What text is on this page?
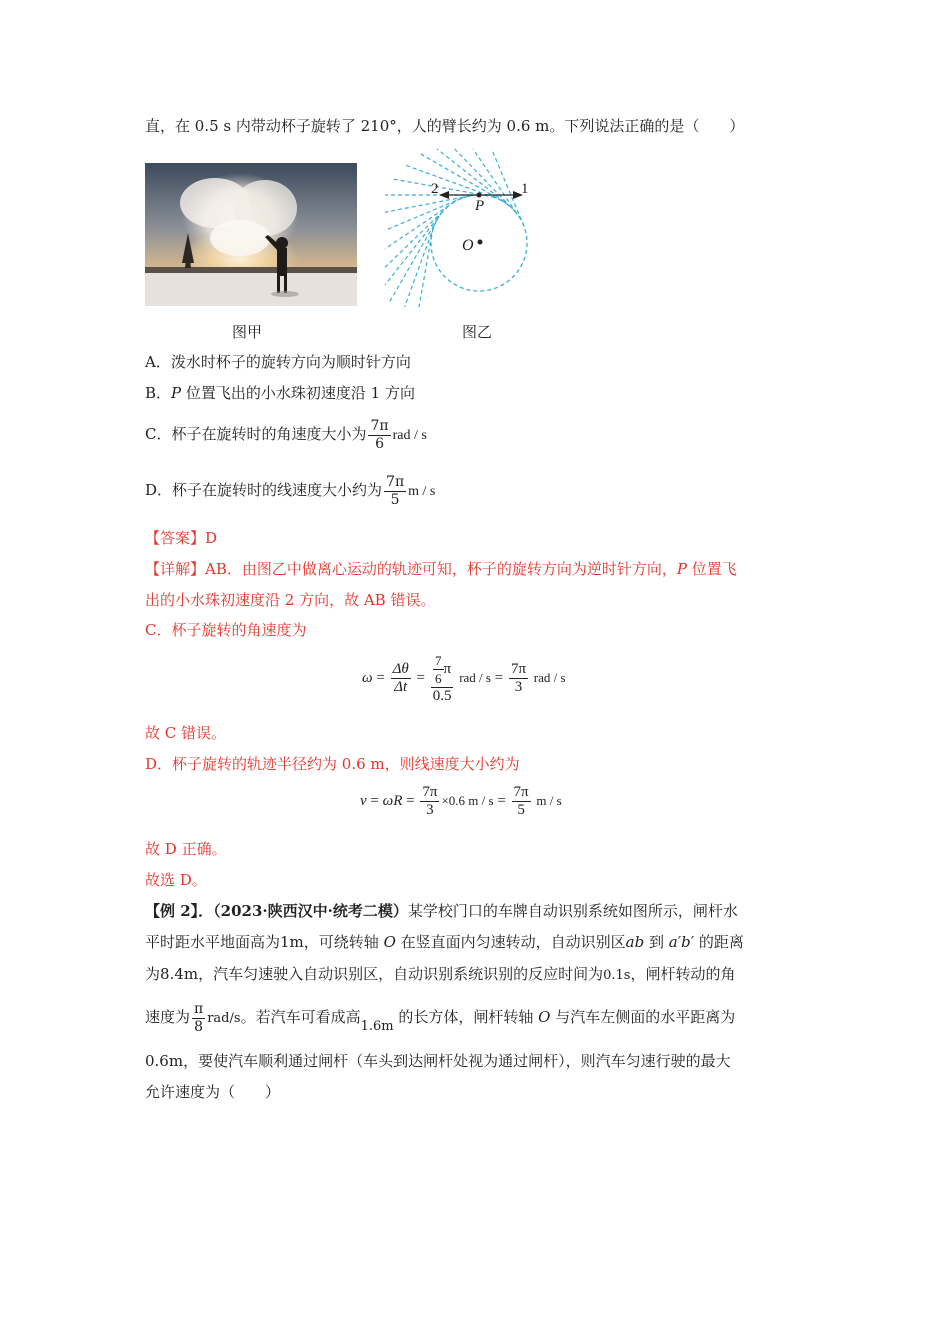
直，在 0.5 s 内带动杯子旋转了 210°，人的臂长约为 0.6 m。下列说法正确的是（　　）
2	1
P
O
图甲	图乙
A．泼水时杯子的旋转方向为顺时针方向
B．P 位置飞出的小水珠初速度沿 1 方向
C．杯子在旋转时的角速度大小为 $\frac{7\pi}{6}$ rad / s
D．杯子在旋转时的线速度大小约为 $\frac{7\pi}{5}$ m / s
【答案】D
【详解】AB．由图乙中做离心运动的轨迹可知，杯子的旋转方向为逆时针方向，P 位置飞
出的小水珠初速度沿 2 方向，故 AB 错误。
C．杯子旋转的角速度为
$\omega = \frac{\Delta\theta}{\Delta t} = \frac{\frac{7}{6} \pi}{0.5}$ rad / $s = \frac{7\pi}{3}$ rad / s
故 C 错误。
D．杯子旋转的轨迹半径约为 0.6 m，则线速度大小约为
$v = \omega R = \frac{7\pi}{3} \times 0.6$ $m / s = \frac{7\pi}{5}$ m / s
故 D 正确。
故选 D。
【例 2】．（2023·陕西汉中·统考二模）某学校门口的车牌自动识别系统如图所示，闸杆水
平时距水平地面高为1m，可绕转轴 O 在竖直面内匀速转动，自动识别区ab 到 a′b′ 的距离
为8.4m，汽车匀速驶入自动识别区，自动识别系统识别的反应时间为0.1s，闸杆转动的角
速度为 $\frac{\pi}{8} rad/s$。若汽车可看成高1.6m 的长方体，闸杆转轴 O 与汽车左侧面的水平距离为
0.6m，要使汽车顺利通过闸杆（车头到达闸杆处视为通过闸杆），则汽车匀速行驶的最大
允许速度为（　　）
